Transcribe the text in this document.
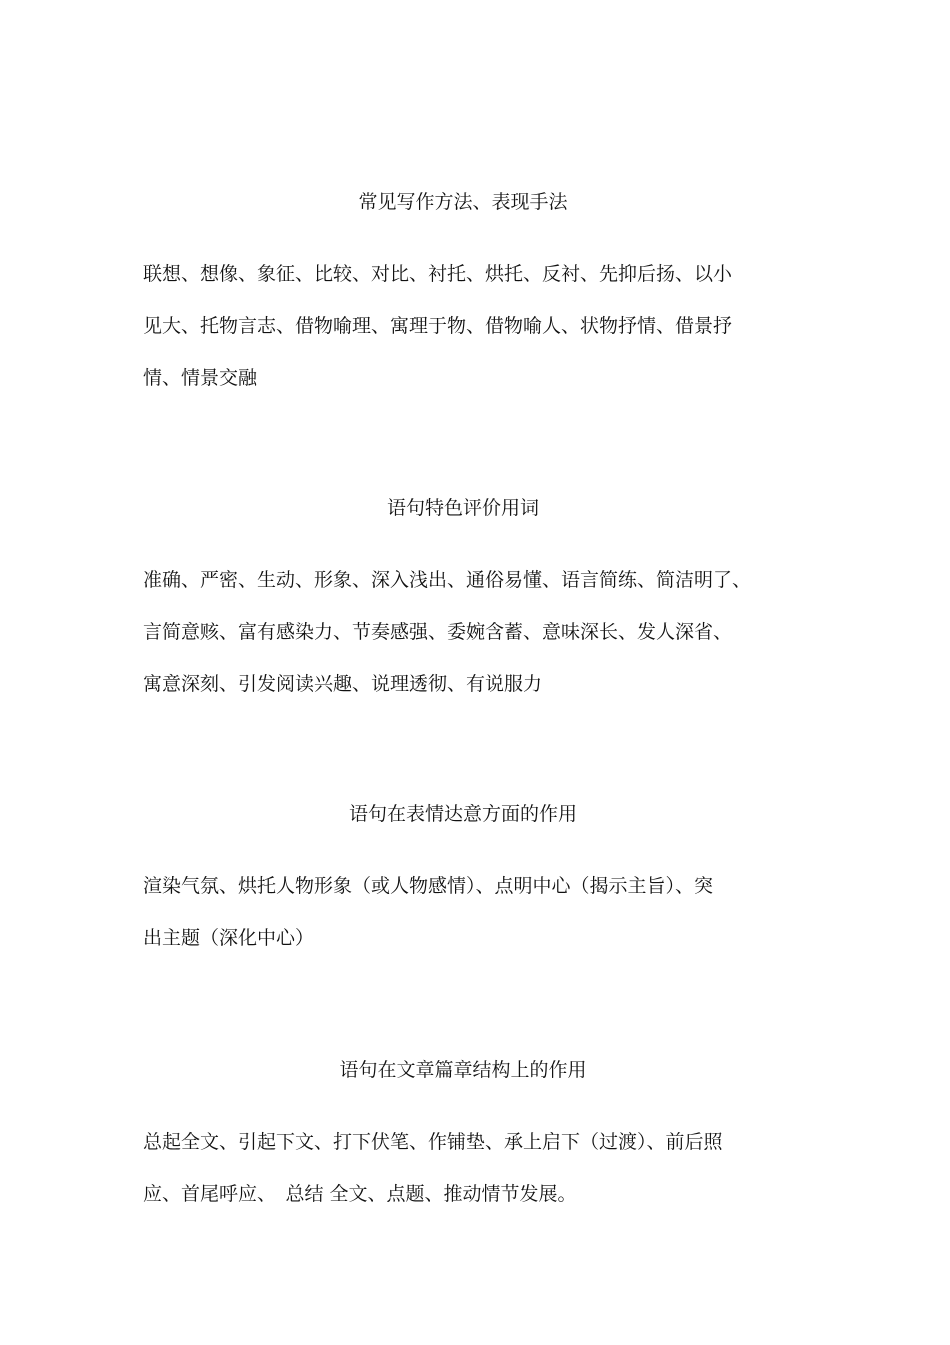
常见写作方法、表现手法
联想、想像、象征、比较、对比、衬托、烘托、反衬、先抑后扬、以小
见大、托物言志、借物喻理、寓理于物、借物喻人、状物抒情、借景抒
情、情景交融
语句特色评价用词
准确、严密、生动、形象、深入浅出、通俗易懂、语言简练、简洁明了、
言简意赅、富有感染力、节奏感强、委婉含蓄、意味深长、发人深省、
寓意深刻、引发阅读兴趣、说理透彻、有说服力
语句在表情达意方面的作用
渲染气氛、烘托人物形象（或人物感情）、点明中心（揭示主旨）、突
出主题（深化中心）
语句在文章篇章结构上的作用
总起全文、引起下文、打下伏笔、作铺垫、承上启下（过渡）、前后照
应、首尾呼应、　总结 全文、点题、推动情节发展。
